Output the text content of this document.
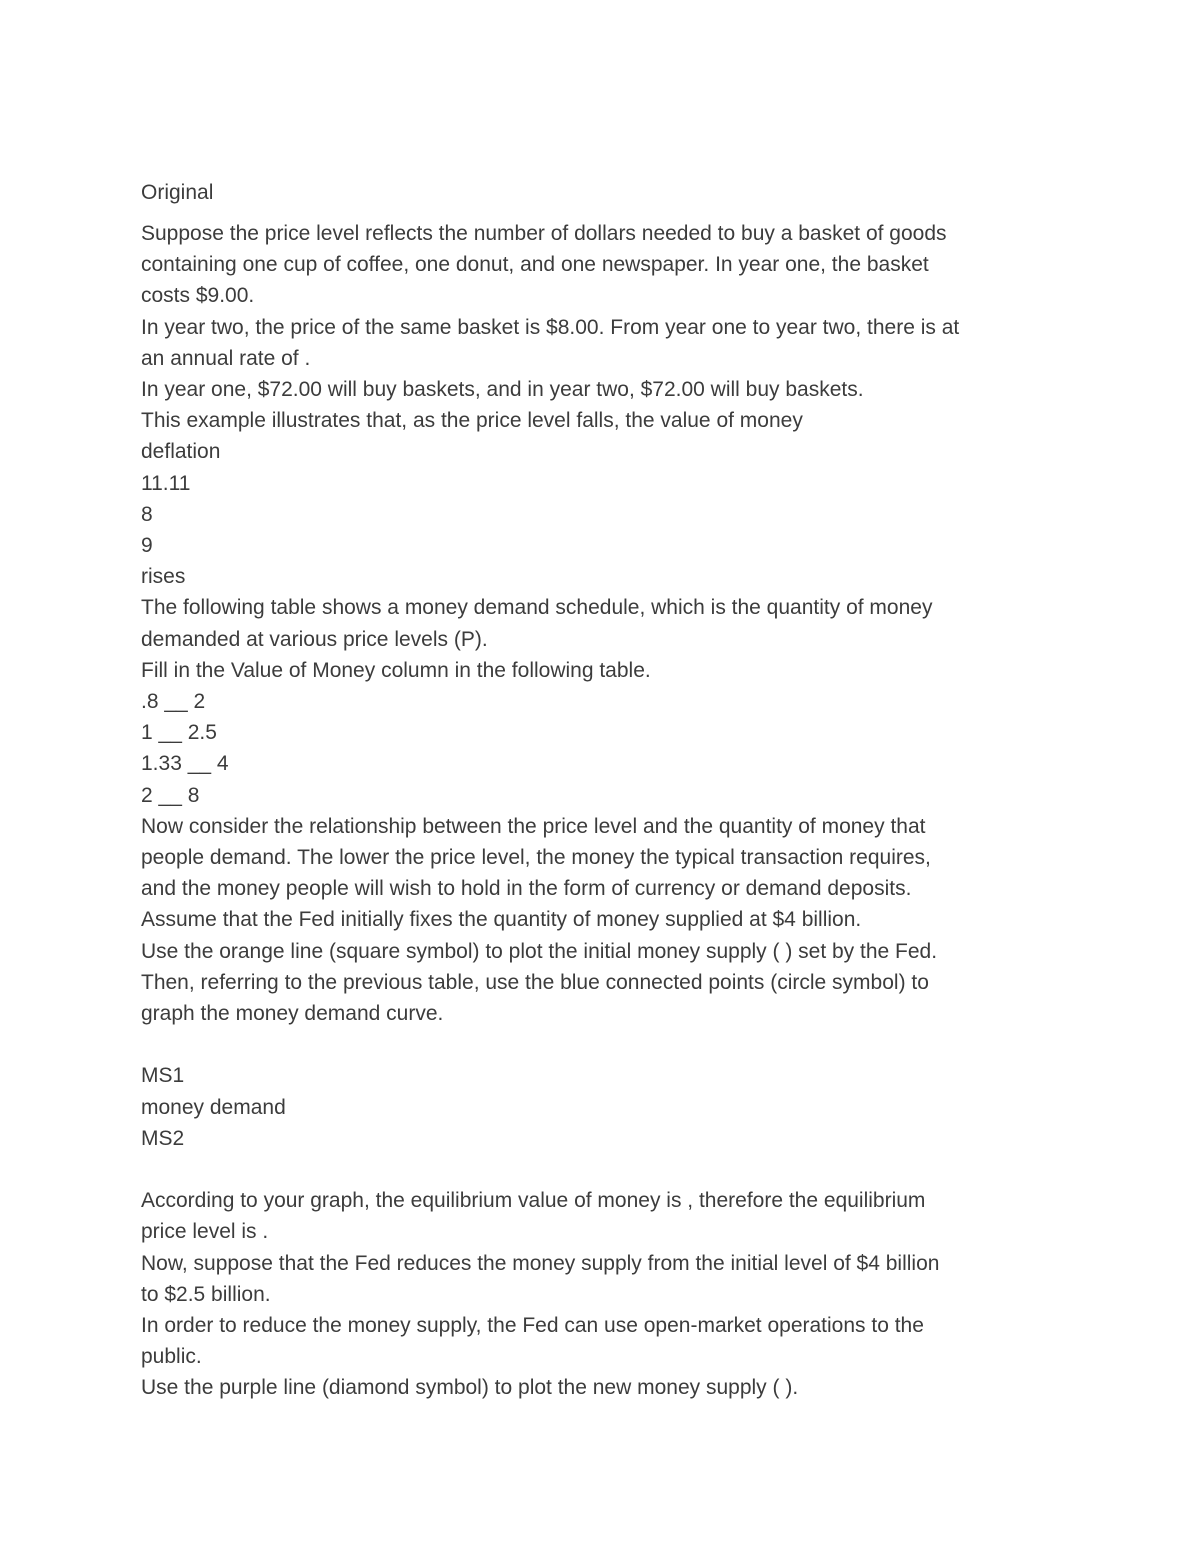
Original
Suppose the price level reflects the number of dollars needed to buy a basket of goods
containing one cup of coffee, one donut, and one newspaper. In year one, the basket
costs $9.00.
In year two, the price of the same basket is $8.00. From year one to year two, there is at
an annual rate of .
In year one, $72.00 will buy baskets, and in year two, $72.00 will buy baskets.
This example illustrates that, as the price level falls, the value of money
deflation
11.11
8
9
rises
The following table shows a money demand schedule, which is the quantity of money
demanded at various price levels (P).
Fill in the Value of Money column in the following table.
.8 __ 2
1 __ 2.5
1.33 __ 4
2 __ 8
Now consider the relationship between the price level and the quantity of money that
people demand. The lower the price level, the money the typical transaction requires,
and the money people will wish to hold in the form of currency or demand deposits.
Assume that the Fed initially fixes the quantity of money supplied at $4 billion.
Use the orange line (square symbol) to plot the initial money supply ( ) set by the Fed.
Then, referring to the previous table, use the blue connected points (circle symbol) to
graph the money demand curve.
MS1
money demand
MS2
According to your graph, the equilibrium value of money is , therefore the equilibrium
price level is .
Now, suppose that the Fed reduces the money supply from the initial level of $4 billion
to $2.5 billion.
In order to reduce the money supply, the Fed can use open-market operations to the
public.
Use the purple line (diamond symbol) to plot the new money supply ( ).
